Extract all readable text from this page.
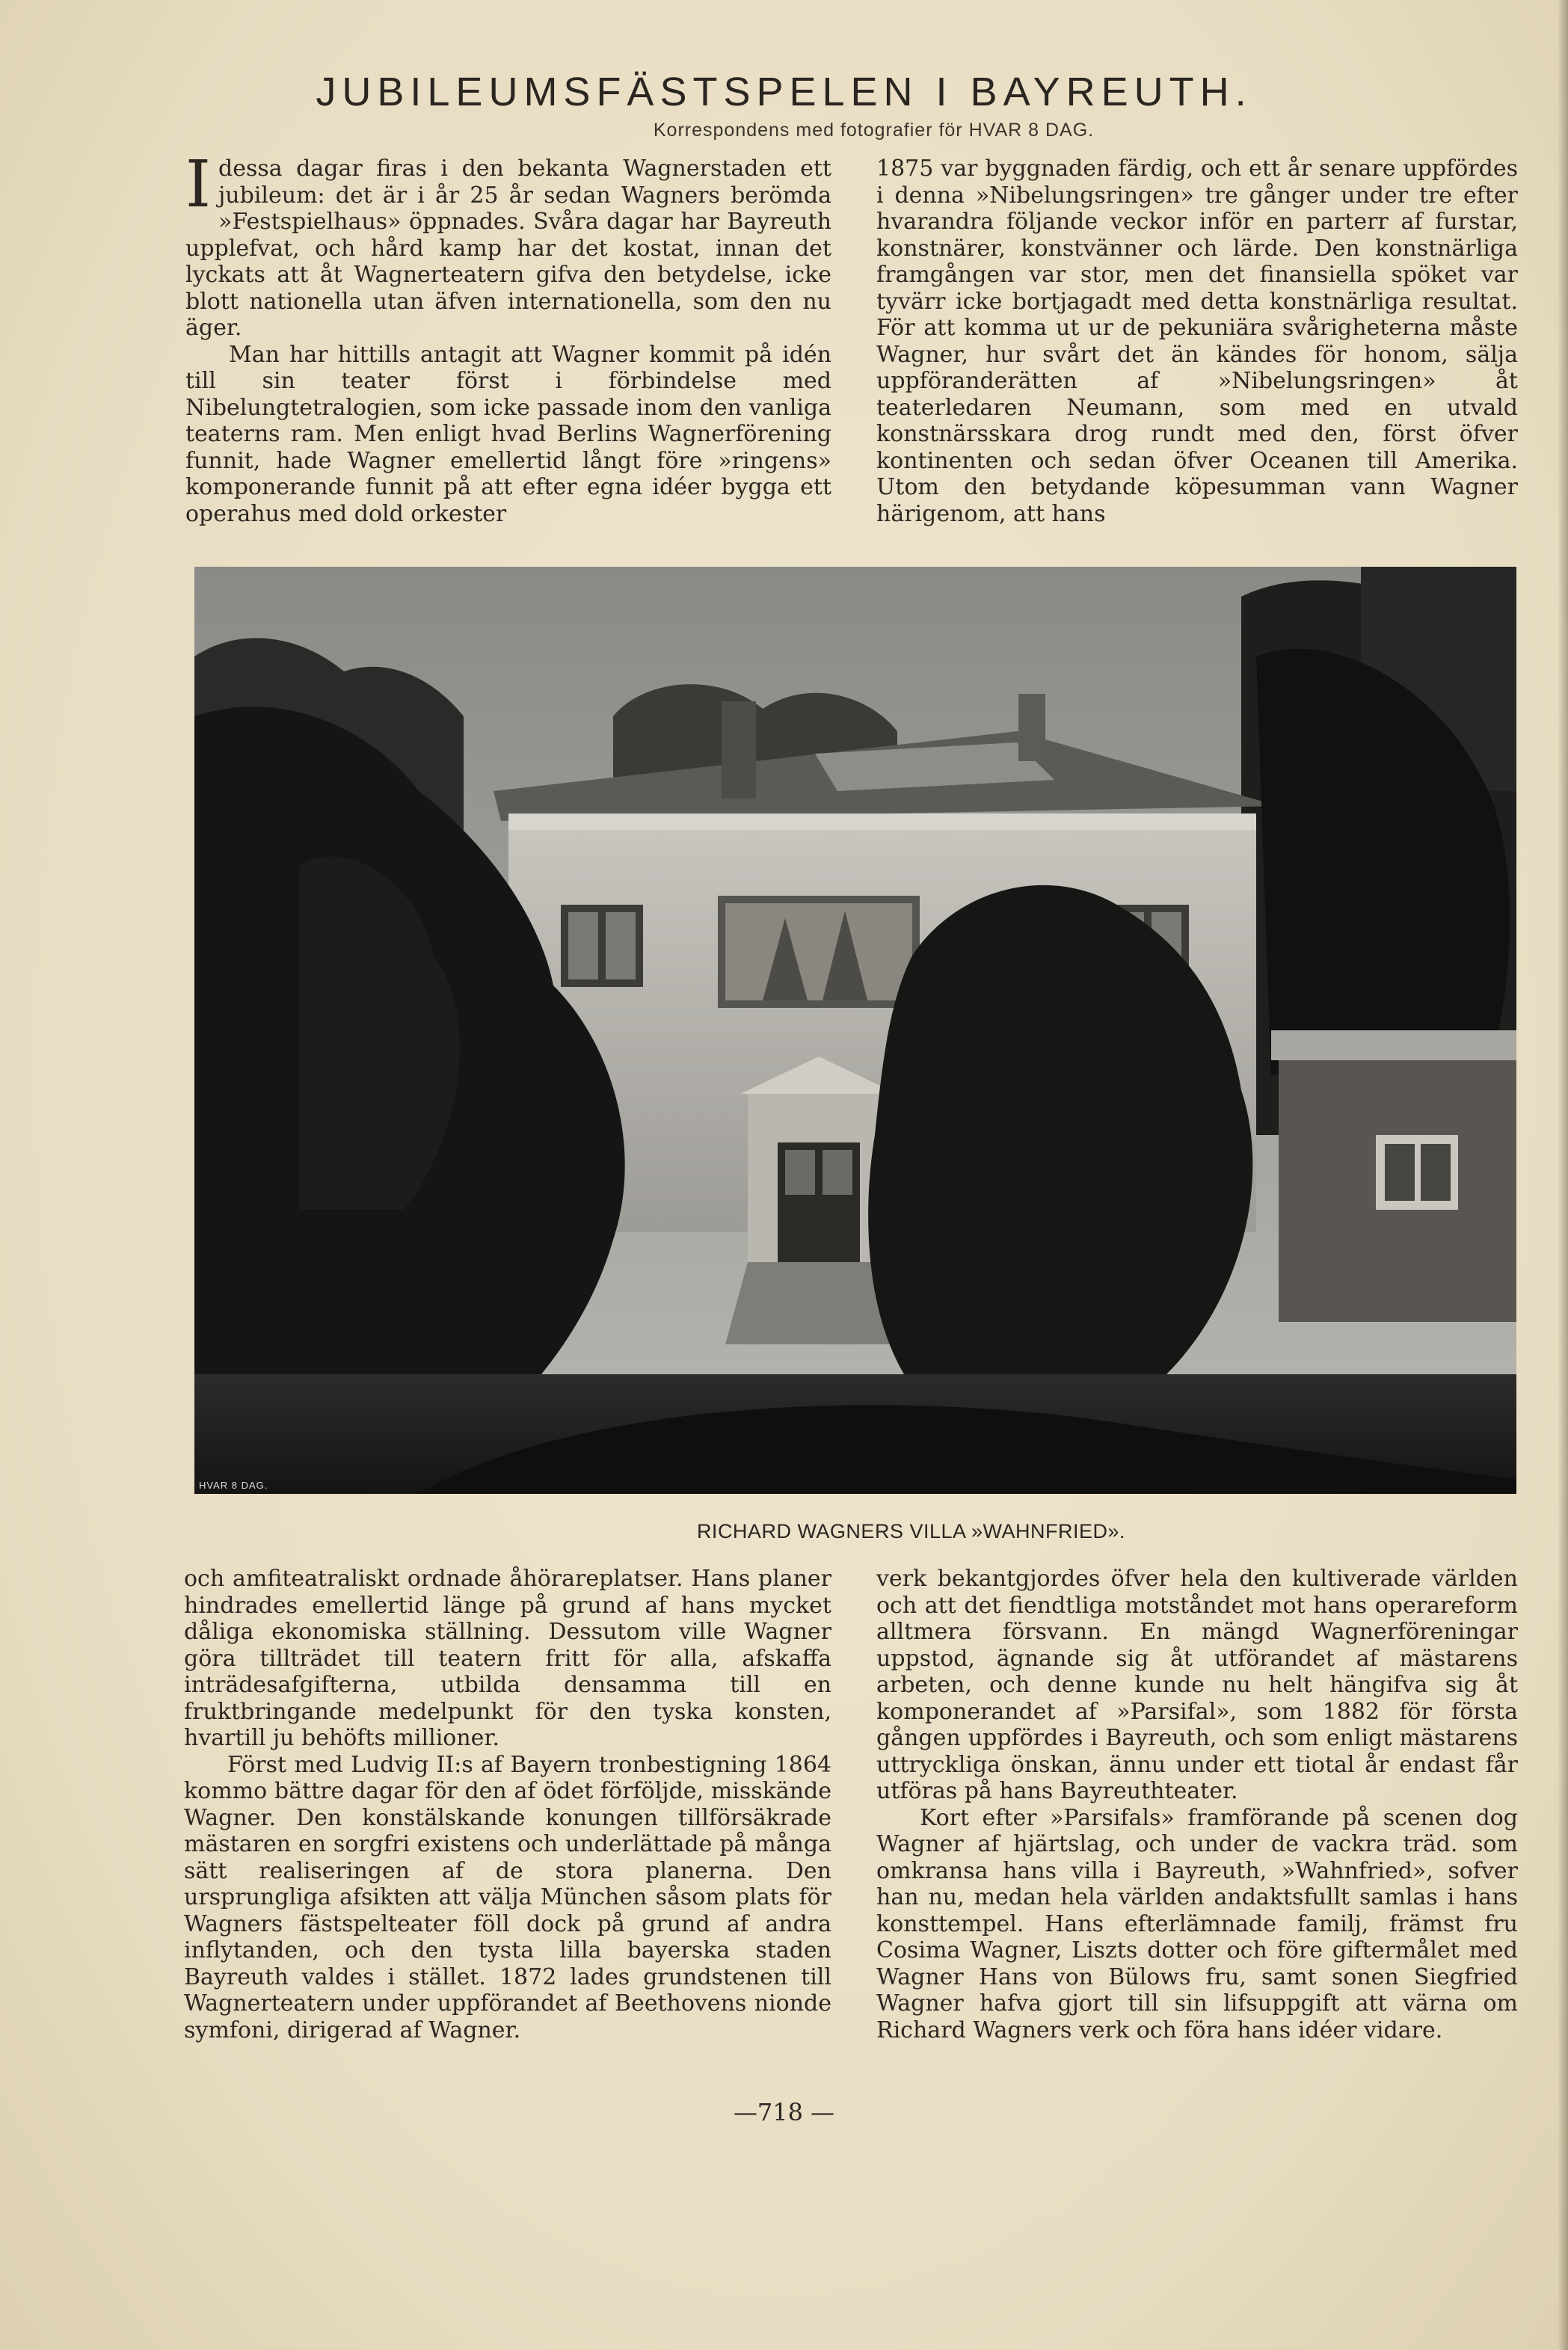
JUBILEUMSFÄSTSPELEN I BAYREUTH.
Korrespondens med fotografier för HVAR 8 DAG.

I dessa dagar firas i den bekanta Wagnerstaden ett jubileum: det är i år 25 år sedan Wagners berömda »Festspielhaus» öppnades. Svåra dagar har Bayreuth upplefvat, och hård kamp har det kostat, innan det lyckats att åt Wagnerteatern gifva den betydelse, icke blott nationella utan äfven internationella, som den nu äger.

Man har hittills antagit att Wagner kommit på idén till sin teater först i förbindelse med Nibelungtetralogien, som icke passade inom den vanliga teaterns ram. Men enligt hvad Berlins Wagnerförening funnit, hade Wagner emellertid långt före »ringens» komponerande funnit på att efter egna idéer bygga ett operahus med dold orkester

1875 var byggnaden färdig, och ett år senare uppfördes i denna »Nibelungsringen» tre gånger under tre efter hvarandra följande veckor inför en parterr af furstar, konstnärer, konstvänner och lärde. Den konstnärliga framgången var stor, men det finansiella spöket var tyvärr icke bortjagadt med detta konstnärliga resultat. För att komma ut ur de pekuniära svårigheterna måste Wagner, hur svårt det än kändes för honom, sälja uppföranderätten af »Nibelungsringen» åt teaterledaren Neumann, som med en utvald konstnärsskara drog rundt med den, först öfver kontinenten och sedan öfver Oceanen till Amerika. Utom den betydande köpesumman vann Wagner härigenom, att hans

HVAR 8 DAG.
RICHARD WAGNERS VILLA »WAHNFRIED».

och amfiteatraliskt ordnade åhörareplatser. Hans planer hindrades emellertid länge på grund af hans mycket dåliga ekonomiska ställning. Dessutom ville Wagner göra tillträdet till teatern fritt för alla, afskaffa inträdesafgifterna, utbilda densamma till en fruktbringande medelpunkt för den tyska konsten, hvartill ju behöfts millioner.

Först med Ludvig II:s af Bayern tronbestigning 1864 kommo bättre dagar för den af ödet förföljde, misskände Wagner. Den konstälskande konungen tillförsäkrade mästaren en sorgfri existens och underlättade på många sätt realiseringen af de stora planerna. Den ursprungliga afsikten att välja München såsom plats för Wagners fästspelteater föll dock på grund af andra inflytanden, och den tysta lilla bayerska staden Bayreuth valdes i stället. 1872 lades grundstenen till Wagnerteatern under uppförandet af Beethovens nionde symfoni, dirigerad af Wagner.

verk bekantgjordes öfver hela den kultiverade världen och att det fiendtliga motståndet mot hans operareform alltmera försvann. En mängd Wagnerföreningar uppstod, ägnande sig åt utförandet af mästarens arbeten, och denne kunde nu helt hängifva sig åt komponerandet af »Parsifal», som 1882 för första gången uppfördes i Bayreuth, och som enligt mästarens uttryckliga önskan, ännu under ett tiotal år endast får utföras på hans Bayreuthteater.

Kort efter »Parsifals» framförande på scenen dog Wagner af hjärtslag, och under de vackra träd. som omkransa hans villa i Bayreuth, »Wahnfried», sofver han nu, medan hela världen andaktsfullt samlas i hans konsttempel. Hans efterlämnade familj, främst fru Cosima Wagner, Liszts dotter och före giftermålet med Wagner Hans von Bülows fru, samt sonen Siegfried Wagner hafva gjort till sin lifsuppgift att värna om Richard Wagners verk och föra hans idéer vidare.

—718 —
